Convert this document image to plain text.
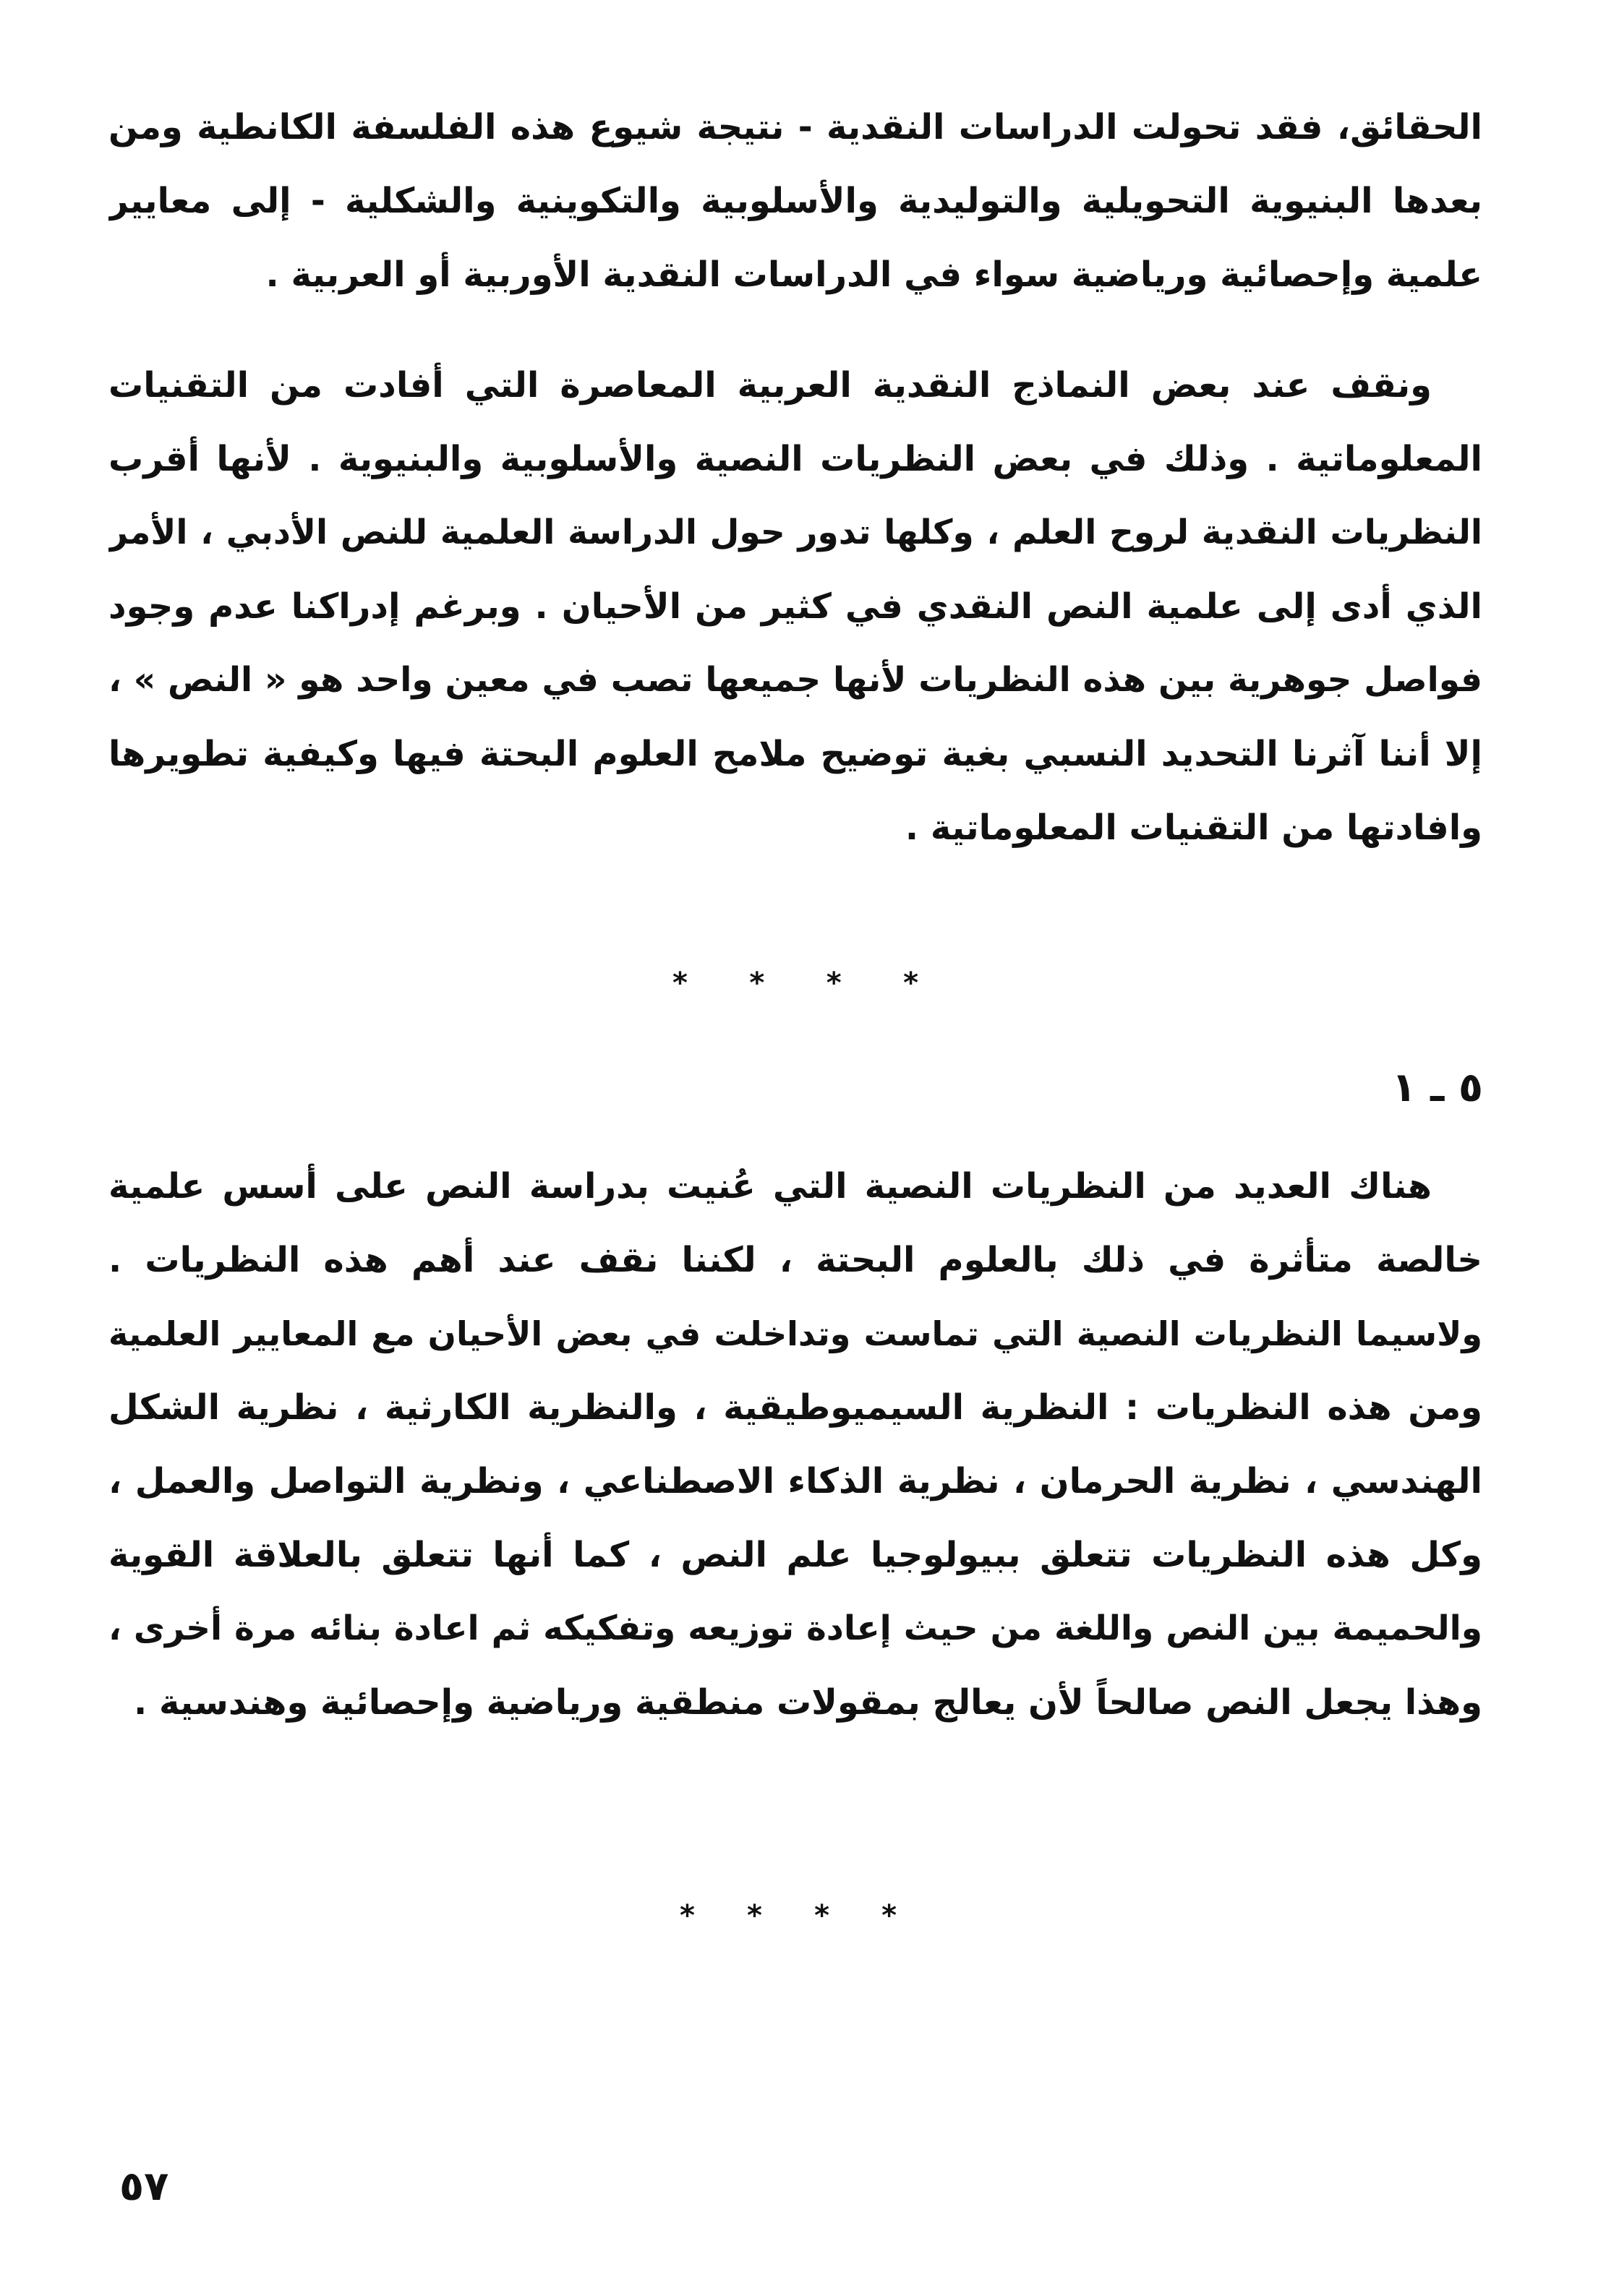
الحقائق، فقد تحولت الدراسات النقدية - نتيجة شيوع هذه الفلسفة الكانطية ومن
بعدها البنيوية التحويلية والتوليدية والأسلوبية والتكوينية والشكلية - إلى معايير
علمية وإحصائية ورياضية سواء في الدراسات النقدية الأوربية أو العربية .
ونقف عند بعض النماذج النقدية العربية المعاصرة التي أفادت من التقنيات
المعلوماتية . وذلك في بعض النظريات النصية والأسلوبية والبنيوية . لأنها أقرب
النظريات النقدية لروح العلم ، وكلها تدور حول الدراسة العلمية للنص الأدبي ، الأمر
الذي أدى إلى علمية النص النقدي في كثير من الأحيان . وبرغم إدراكنا عدم وجود
فواصل جوهرية بين هذه النظريات لأنها جميعها تصب في معين واحد هو « النص » ،
إلا أننا آثرنا التحديد النسبي بغية توضيح ملامح العلوم البحتة فيها وكيفية تطويرها
وافادتها من التقنيات المعلوماتية .
* * * *
٥ ـ ١
هناك العديد من النظريات النصية التي عُنيت بدراسة النص على أسس علمية
خالصة متأثرة في ذلك بالعلوم البحتة ، لكننا نقف عند أهم هذه النظريات .
ولاسيما النظريات النصية التي تماست وتداخلت في بعض الأحيان مع المعايير العلمية
ومن هذه النظريات : النظرية السيميوطيقية ، والنظرية الكارثية ، نظرية الشكل
الهندسي ، نظرية الحرمان ، نظرية الذكاء الاصطناعي ، ونظرية التواصل والعمل ،
وكل هذه النظريات تتعلق ببيولوجيا علم النص ، كما أنها تتعلق بالعلاقة القوية
والحميمة بين النص واللغة من حيث إعادة توزيعه وتفكيكه ثم اعادة بنائه مرة أخرى ،
وهذا يجعل النص صالحاً لأن يعالج بمقولات منطقية ورياضية وإحصائية وهندسية .
* * * *
٥٧
